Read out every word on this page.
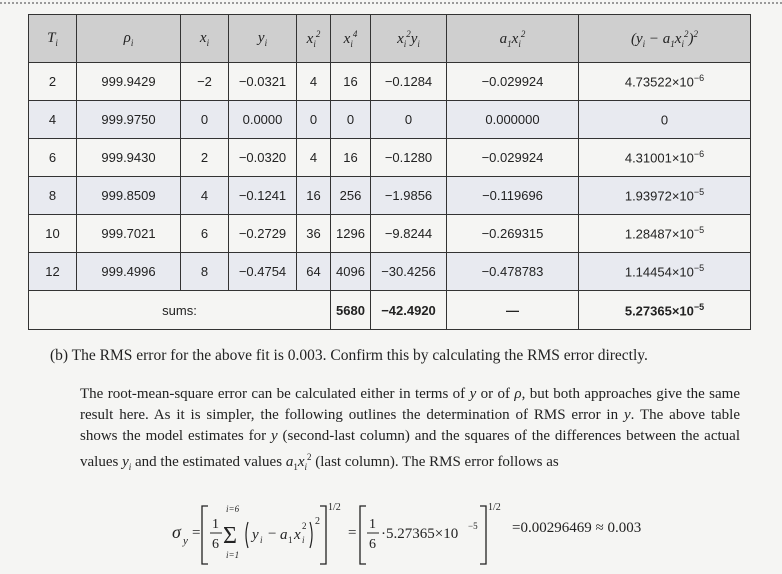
$T_i$	$\rho_i$	$x_i$	$y_i$	$x_i^2$	$x_i^4$	$x_i^2y_i$	$a_1x_i^2$	$(y_i - a_1x_i^2)^2$
2	999.9429	−2	−0.0321	4	16	−0.1284	−0.029924	$4.73522\times 10^{-6}$
4	999.9750	0	0.0000	0	0	0	0.000000	0
6	999.9430	2	−0.0320	4	16	−0.1280	−0.029924	$4.31001\times 10^{-6}$
8	999.8509	4	−0.1241	16	256	−1.9856	−0.119696	$1.93972\times 10^{-5}$
10	999.7021	6	−0.2729	36	1296	−9.8244	−0.269315	$1.28487\times 10^{-5}$
12	999.4996	8	−0.4754	64	4096	−30.4256	−0.478783	$1.14454\times 10^{-5}$
sums:					5680	−42.4920	—	$5.27365\times 10^{-5}$

(b) The RMS error for the above fit is 0.003. Confirm this by calculating the RMS error directly.

The root-mean-square error can be calculated either in terms of y or of ρ, but both approaches give the same result here. As it is simpler, the following outlines the determination of RMS error in y. The above table shows the model estimates for y (second-last column) and the squares of the differences between the actual values $y_i$ and the estimated values $a_1x_i^2$ (last column). The RMS error follows as

σ y =
1
6
i=6
Σ
i=1
y i − a 1 x i
2 2
1/2
=
1
6
·5.27365×10 −5
1/2
=0.00296469 ≈ 0.003
